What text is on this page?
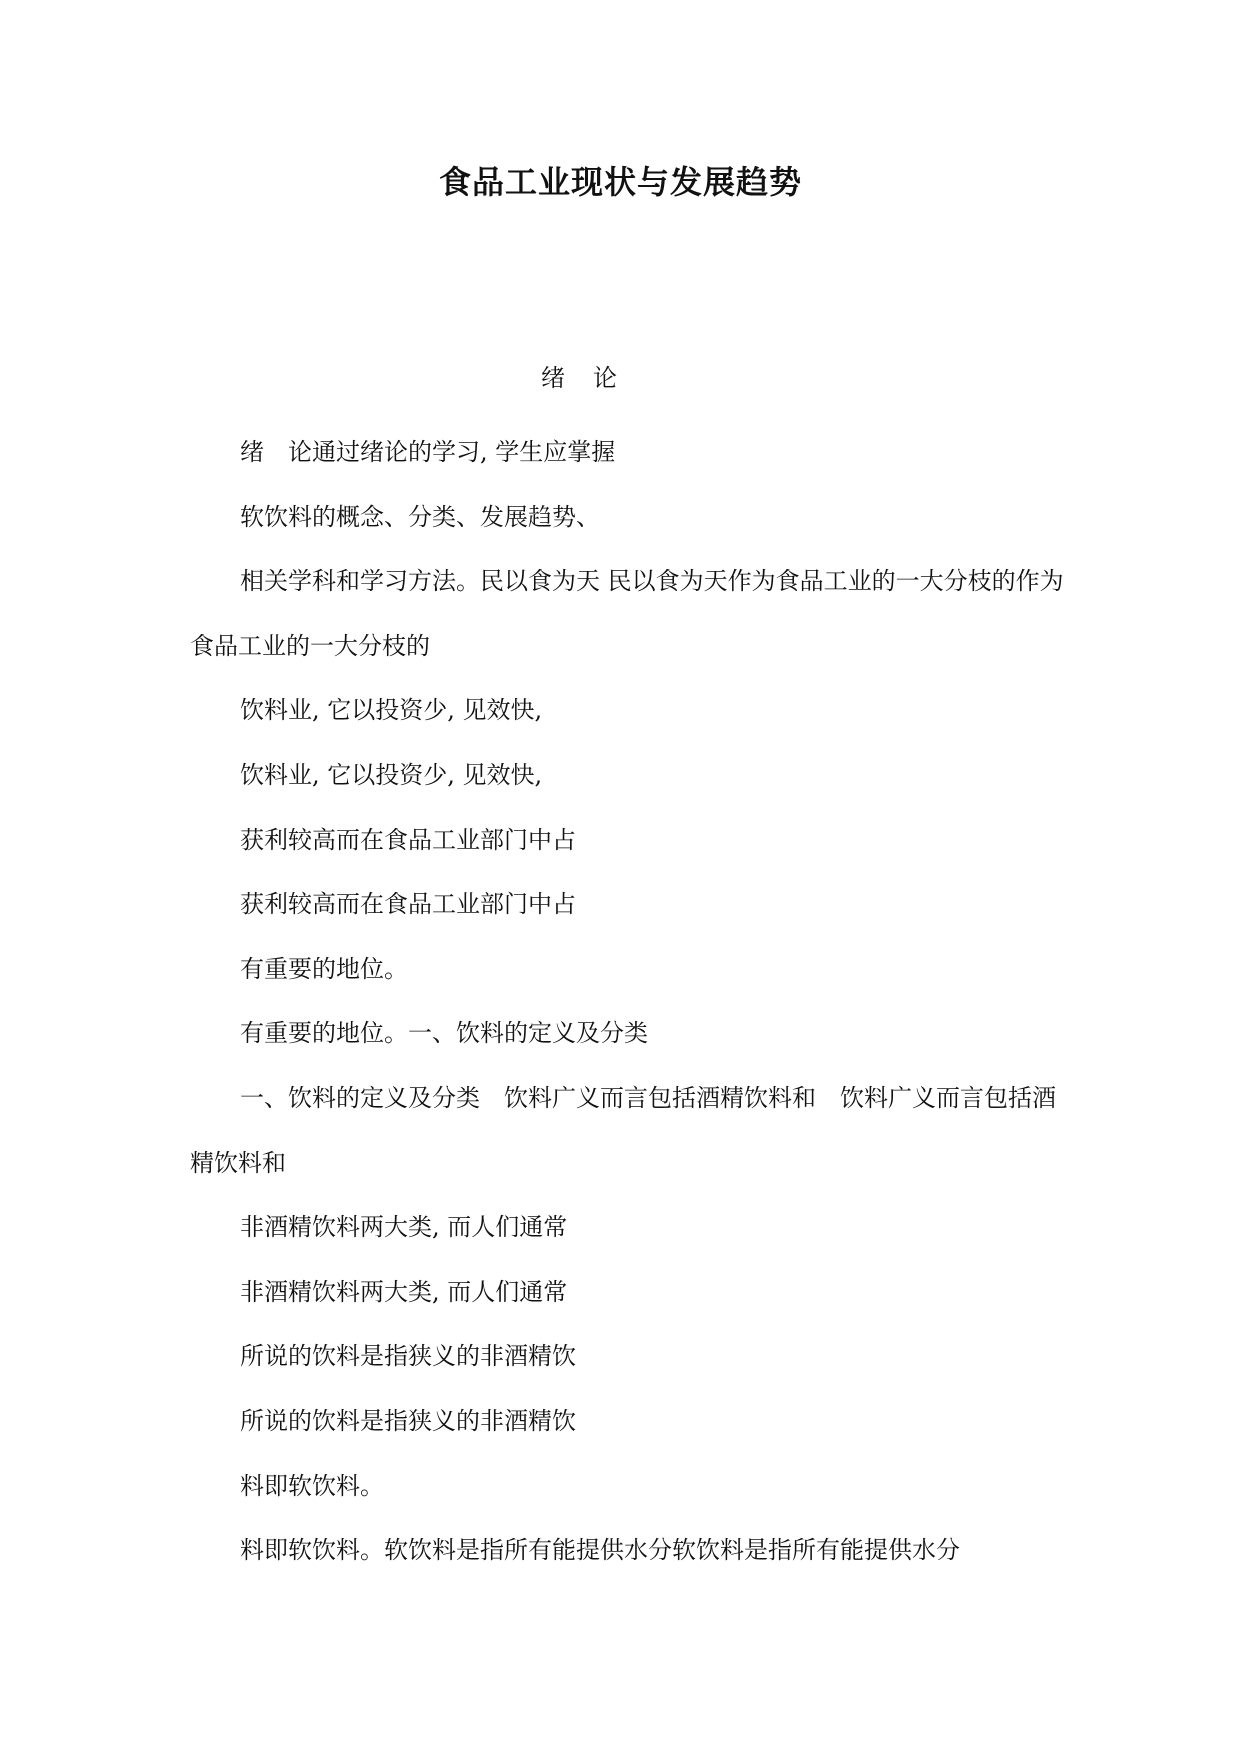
食品工业现状与发展趋势
绪 论

绪　论通过绪论的学习, 学生应掌握

软饮料的概念、分类、发展趋势、

相关学科和学习方法。民以食为天 民以食为天作为食品工业的一大分枝的作为食品工业的一大分枝的

饮料业, 它以投资少, 见效快,

饮料业, 它以投资少, 见效快,

获利较高而在食品工业部门中占

获利较高而在食品工业部门中占

有重要的地位。

有重要的地位。一、饮料的定义及分类

一、饮料的定义及分类　饮料广义而言包括酒精饮料和　饮料广义而言包括酒精饮料和

非酒精饮料两大类, 而人们通常

非酒精饮料两大类, 而人们通常

所说的饮料是指狭义的非酒精饮

所说的饮料是指狭义的非酒精饮

料即软饮料。

料即软饮料。软饮料是指所有能提供水分软饮料是指所有能提供水分
